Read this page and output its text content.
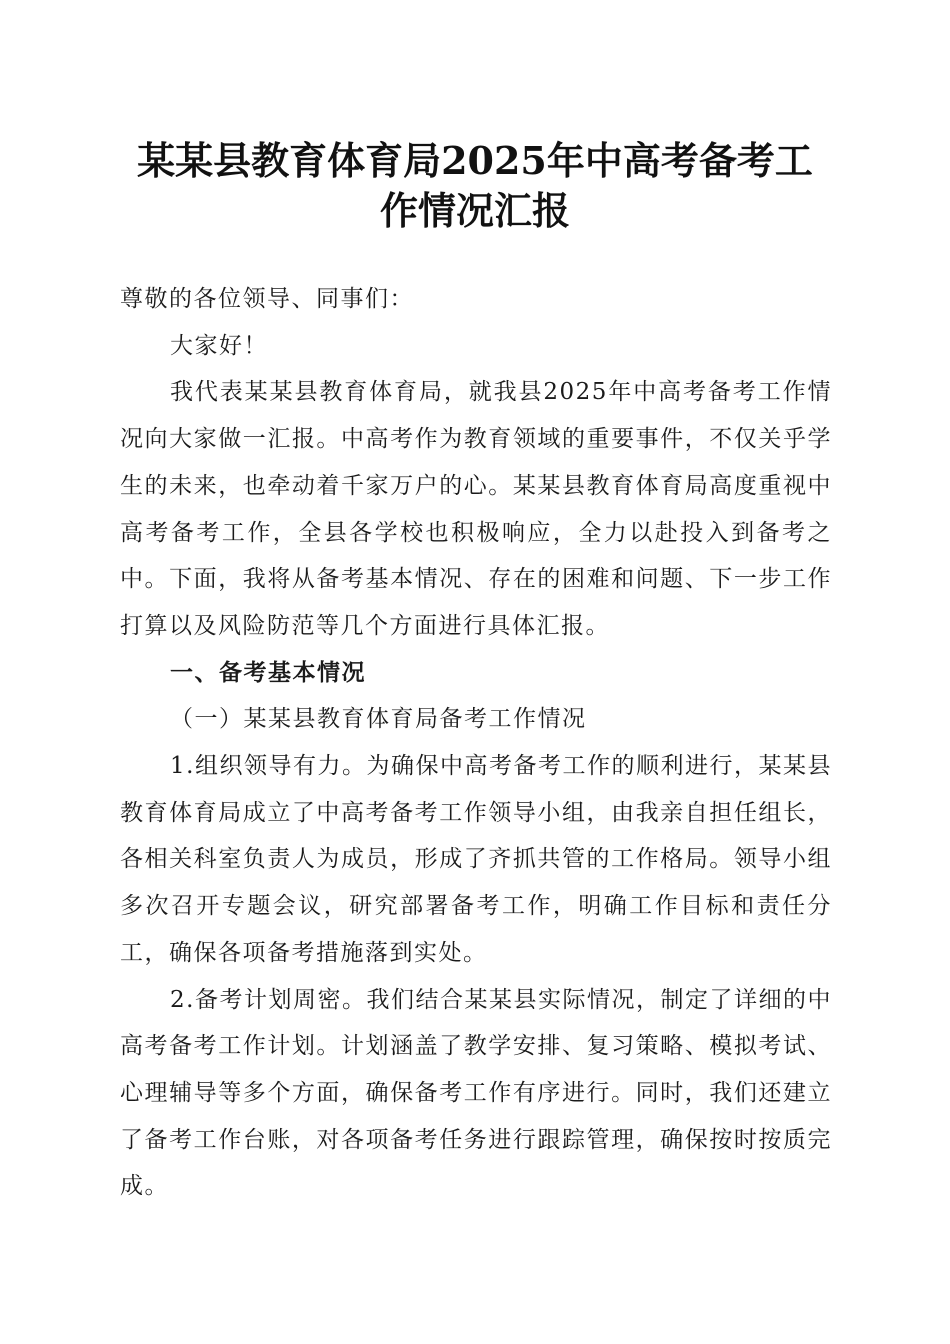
某某县教育体育局2025年中高考备考工作情况汇报

尊敬的各位领导、同事们：

大家好！

我代表某某县教育体育局，就我县2025年中高考备考工作情况向大家做一汇报。中高考作为教育领域的重要事件，不仅关乎学生的未来，也牵动着千家万户的心。某某县教育体育局高度重视中高考备考工作，全县各学校也积极响应，全力以赴投入到备考之中。下面，我将从备考基本情况、存在的困难和问题、下一步工作打算以及风险防范等几个方面进行具体汇报。

一、备考基本情况

（一）某某县教育体育局备考工作情况

1.组织领导有力。为确保中高考备考工作的顺利进行，某某县教育体育局成立了中高考备考工作领导小组，由我亲自担任组长，各相关科室负责人为成员，形成了齐抓共管的工作格局。领导小组多次召开专题会议，研究部署备考工作，明确工作目标和责任分工，确保各项备考措施落到实处。

2.备考计划周密。我们结合某某县实际情况，制定了详细的中高考备考工作计划。计划涵盖了教学安排、复习策略、模拟考试、心理辅导等多个方面，确保备考工作有序进行。同时，我们还建立了备考工作台账，对各项备考任务进行跟踪管理，确保按时按质完成。
